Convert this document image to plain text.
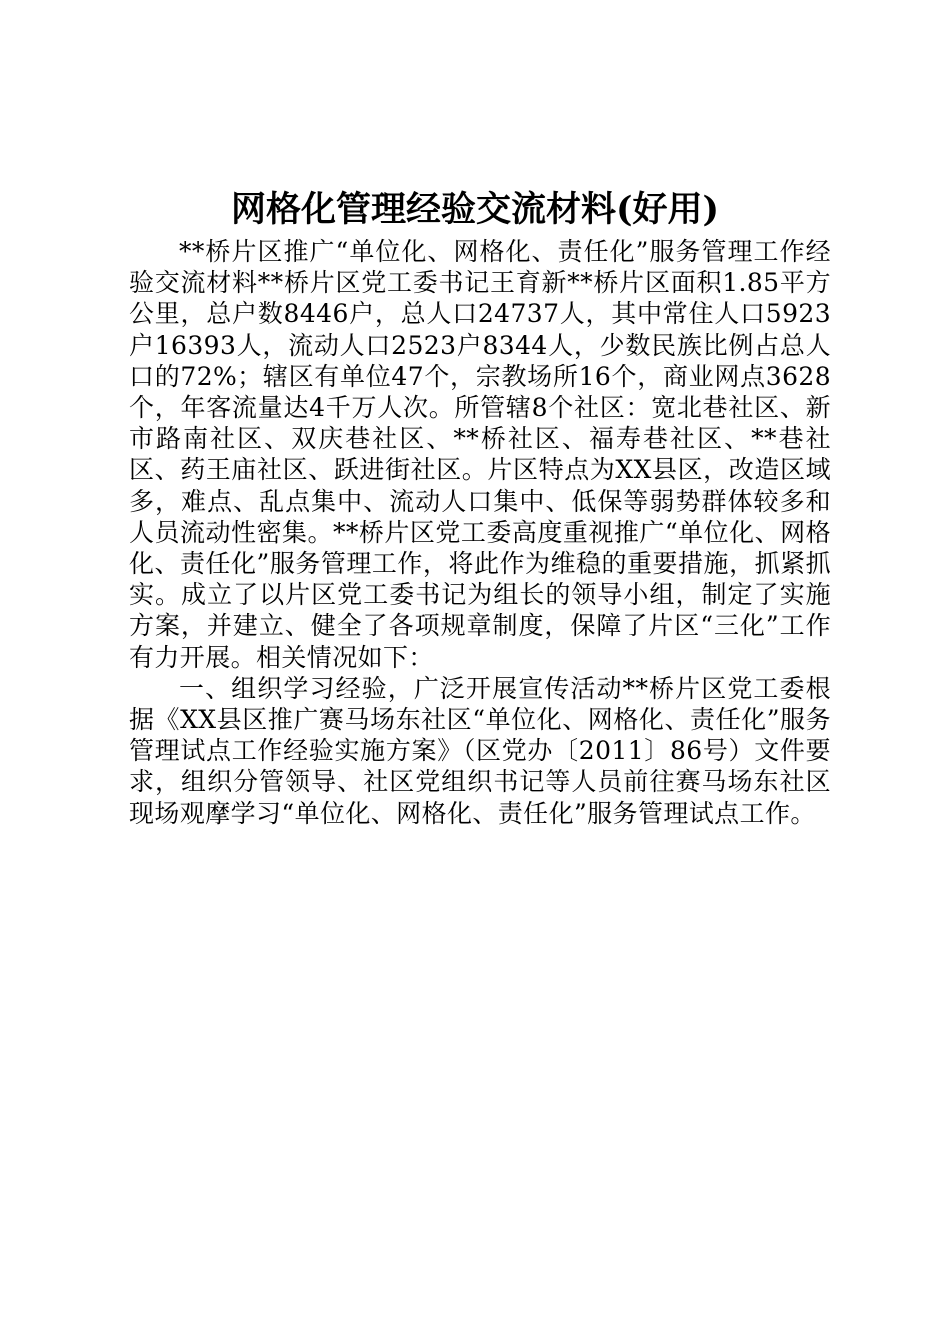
网格化管理经验交流材料(好用)

**桥片区推广“单位化、网格化、责任化”服务管理工作经验交流材料**桥片区党工委书记王育新**桥片区面积1.85平方公里，总户数8446户，总人口24737人，其中常住人口5923户16393人，流动人口2523户8344人，少数民族比例占总人口的72%；辖区有单位47个，宗教场所16个，商业网点3628个，年客流量达4千万人次。所管辖8个社区：宽北巷社区、新市路南社区、双庆巷社区、**桥社区、福寿巷社区、**巷社区、药王庙社区、跃进街社区。片区特点为XX县区，改造区域多，难点、乱点集中、流动人口集中、低保等弱势群体较多和人员流动性密集。**桥片区党工委高度重视推广“单位化、网格化、责任化”服务管理工作，将此作为维稳的重要措施，抓紧抓实。成立了以片区党工委书记为组长的领导小组，制定了实施方案，并建立、健全了各项规章制度，保障了片区“三化”工作有力开展。相关情况如下：

一、组织学习经验，广泛开展宣传活动**桥片区党工委根据《XX县区推广赛马场东社区“单位化、网格化、责任化”服务管理试点工作经验实施方案》（区党办〔2011〕86号）文件要求，组织分管领导、社区党组织书记等人员前往赛马场东社区现场观摩学习“单位化、网格化、责任化”服务管理试点工作。
